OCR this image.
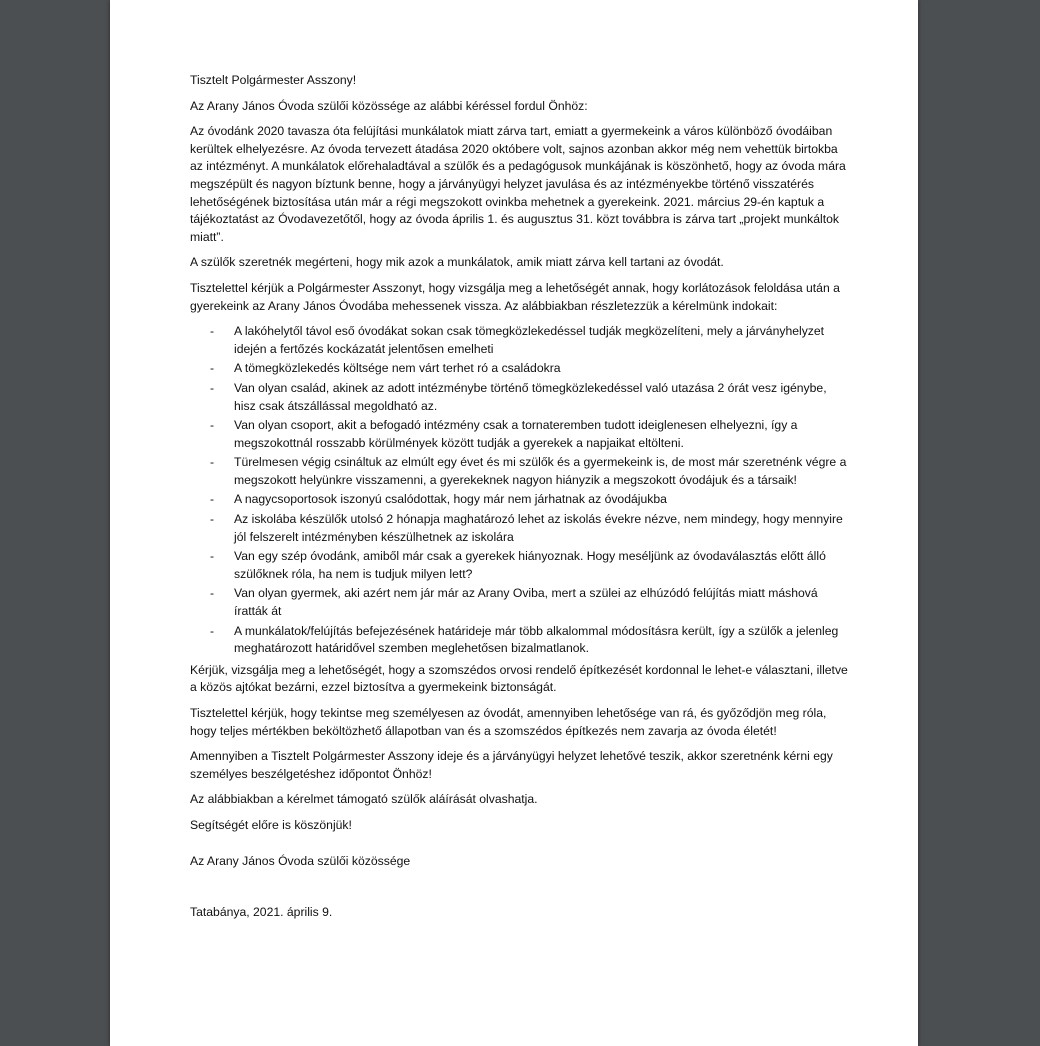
Tisztelt Polgármester Asszony!

Az Arany János Óvoda szülői közössége az alábbi kéréssel fordul Önhöz:

Az óvodánk 2020 tavasza óta felújítási munkálatok miatt zárva tart, emiatt a gyermekeink a város különböző óvodáiban kerültek elhelyezésre. Az óvoda tervezett átadása 2020 októbere volt, sajnos azonban akkor még nem vehettük birtokba az intézményt. A munkálatok előrehaladtával a szülők és a pedagógusok munkájának is köszönhető, hogy az óvoda mára megszépült és nagyon bíztunk benne, hogy a járványügyi helyzet javulása és az intézményekbe történő visszatérés lehetőségének biztosítása után már a régi megszokott ovinkba mehetnek a gyerekeink. 2021. március 29-én kaptuk a tájékoztatást az Óvodavezetőtől, hogy az óvoda április 1. és augusztus 31. közt továbbra is zárva tart „projekt munkáltok miatt”.

A szülők szeretnék megérteni, hogy mik azok a munkálatok, amik miatt zárva kell tartani az óvodát.

Tisztelettel kérjük a Polgármester Asszonyt, hogy vizsgálja meg a lehetőségét annak, hogy korlátozások feloldása után a gyerekeink az Arany János Óvodába mehessenek vissza. Az alábbiakban részletezzük a kérelmünk indokait:

- A lakóhelytől távol eső óvodákat sokan csak tömegközlekedéssel tudják megközelíteni, mely a járványhelyzet idején a fertőzés kockázatát jelentősen emelheti
- A tömegközlekedés költsége nem várt terhet ró a családokra
- Van olyan család, akinek az adott intézménybe történő tömegközlekedéssel való utazása 2 órát vesz igénybe, hisz csak átszállással megoldható az.
- Van olyan csoport, akit a befogadó intézmény csak a tornateremben tudott ideiglenesen elhelyezni, így a megszokottnál rosszabb körülmények között tudják a gyerekek a napjaikat eltölteni.
- Türelmesen végig csináltuk az elmúlt egy évet és mi szülők és a gyermekeink is, de most már szeretnénk végre a megszokott helyünkre visszamenni, a gyerekeknek nagyon hiányzik a megszokott óvodájuk és a társaik!
- A nagycsoportosok iszonyú csalódottak, hogy már nem járhatnak az óvodájukba
- Az iskolába készülők utolsó 2 hónapja maghatározó lehet az iskolás évekre nézve, nem mindegy, hogy mennyire jól felszerelt intézményben készülhetnek az iskolára
- Van egy szép óvodánk, amiből már csak a gyerekek hiányoznak. Hogy meséljünk az óvodaválasztás előtt álló szülőknek róla, ha nem is tudjuk milyen lett?
- Van olyan gyermek, aki azért nem jár már az Arany Oviba, mert a szülei az elhúzódó felújítás miatt máshová íratták át
- A munkálatok/felújítás befejezésének határideje már több alkalommal módosításra került, így a szülők a jelenleg meghatározott határidővel szemben meglehetősen bizalmatlanok.

Kérjük, vizsgálja meg a lehetőségét, hogy a szomszédos orvosi rendelő építkezését kordonnal le lehet-e választani, illetve a közös ajtókat bezárni, ezzel biztosítva a gyermekeink biztonságát.

Tisztelettel kérjük, hogy tekintse meg személyesen az óvodát, amennyiben lehetősége van rá, és győződjön meg róla, hogy teljes mértékben beköltözhető állapotban van és a szomszédos építkezés nem zavarja az óvoda életét!

Amennyiben a Tisztelt Polgármester Asszony ideje és a járványügyi helyzet lehetővé teszik, akkor szeretnénk kérni egy személyes beszélgetéshez időpontot Önhöz!

Az alábbiakban a kérelmet támogató szülők aláírását olvashatja.

Segítségét előre is köszönjük!

Az Arany János Óvoda szülői közössége

Tatabánya, 2021. április 9.
